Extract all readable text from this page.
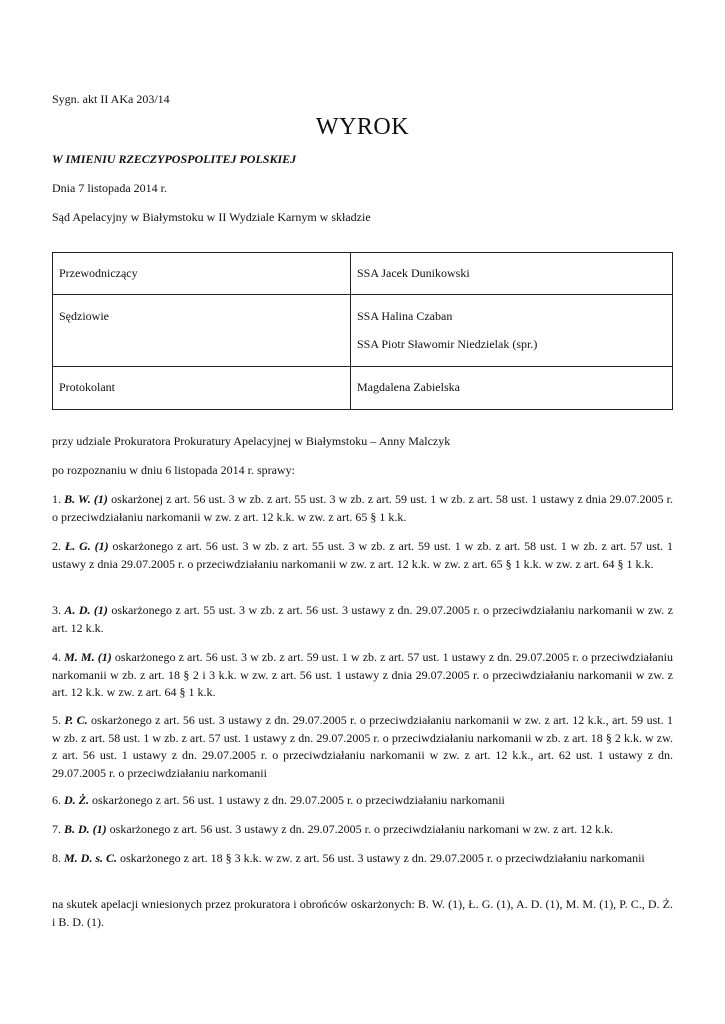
Sygn. akt II AKa 203/14
WYROK
W IMIENIU RZECZYPOSPOLITEJ POLSKIEJ
Dnia 7 listopada 2014 r.
Sąd Apelacyjny w Białymstoku w II Wydziale Karnym w składzie
Przewodniczący	SSA Jacek Dunikowski

Sędziowie	SSA Halina Czaban
SSA Piotr Sławomir Niedzielak (spr.)

Protokolant	Magdalena Zabielska
przy udziale Prokuratora Prokuratury Apelacyjnej w Białymstoku – Anny Malczyk
po rozpoznaniu w dniu 6 listopada 2014 r. sprawy:
1. B. W. (1) oskarżonej z art. 56 ust. 3 w zb. z art. 55 ust. 3 w zb. z art. 59 ust. 1 w zb. z art. 58 ust. 1 ustawy z dnia 29.07.2005 r. o przeciwdziałaniu narkomanii w zw. z art. 12 k.k. w zw. z art. 65 § 1 k.k.
2. Ł. G. (1) oskarżonego z art. 56 ust. 3 w zb. z art. 55 ust. 3 w zb. z art. 59 ust. 1 w zb. z art. 58 ust. 1 w zb. z art. 57 ust. 1 ustawy z dnia 29.07.2005 r. o przeciwdziałaniu narkomanii w zw. z art. 12 k.k. w zw. z art. 65 § 1 k.k. w zw. z art. 64 § 1 k.k.
3. A. D. (1) oskarżonego z art. 55 ust. 3 w zb. z art. 56 ust. 3 ustawy z dn. 29.07.2005 r. o przeciwdziałaniu narkomanii w zw. z art. 12 k.k.
4. M. M. (1) oskarżonego z art. 56 ust. 3 w zb. z art. 59 ust. 1 w zb. z art. 57 ust. 1 ustawy z dn. 29.07.2005 r. o przeciwdziałaniu narkomanii w zb. z art. 18 § 2 i 3 k.k. w zw. z art. 56 ust. 1 ustawy z dnia 29.07.2005 r. o przeciwdziałaniu narkomanii w zw. z art. 12 k.k. w zw. z art. 64 § 1 k.k.
5. P. C. oskarżonego z art. 56 ust. 3 ustawy z dn. 29.07.2005 r. o przeciwdziałaniu narkomanii w zw. z art. 12 k.k., art. 59 ust. 1 w zb. z art. 58 ust. 1 w zb. z art. 57 ust. 1 ustawy z dn. 29.07.2005 r. o przeciwdziałaniu narkomanii w zb. z art. 18 § 2 k.k. w zw. z art. 56 ust. 1 ustawy z dn. 29.07.2005 r. o przeciwdziałaniu narkomanii w zw. z art. 12 k.k., art. 62 ust. 1 ustawy z dn. 29.07.2005 r. o przeciwdziałaniu narkomanii
6. D. Ż. oskarżonego z art. 56 ust. 1 ustawy z dn. 29.07.2005 r. o przeciwdziałaniu narkomanii
7. B. D. (1) oskarżonego z art. 56 ust. 3 ustawy z dn. 29.07.2005 r. o przeciwdziałaniu narkomani w zw. z art. 12 k.k.
8. M. D. s. C. oskarżonego z art. 18 § 3 k.k. w zw. z art. 56 ust. 3 ustawy z dn. 29.07.2005 r. o przeciwdziałaniu narkomanii
na skutek apelacji wniesionych przez prokuratora i obrońców oskarżonych: B. W. (1), Ł. G. (1), A. D. (1), M. M. (1), P. C., D. Ż. i B. D. (1).
